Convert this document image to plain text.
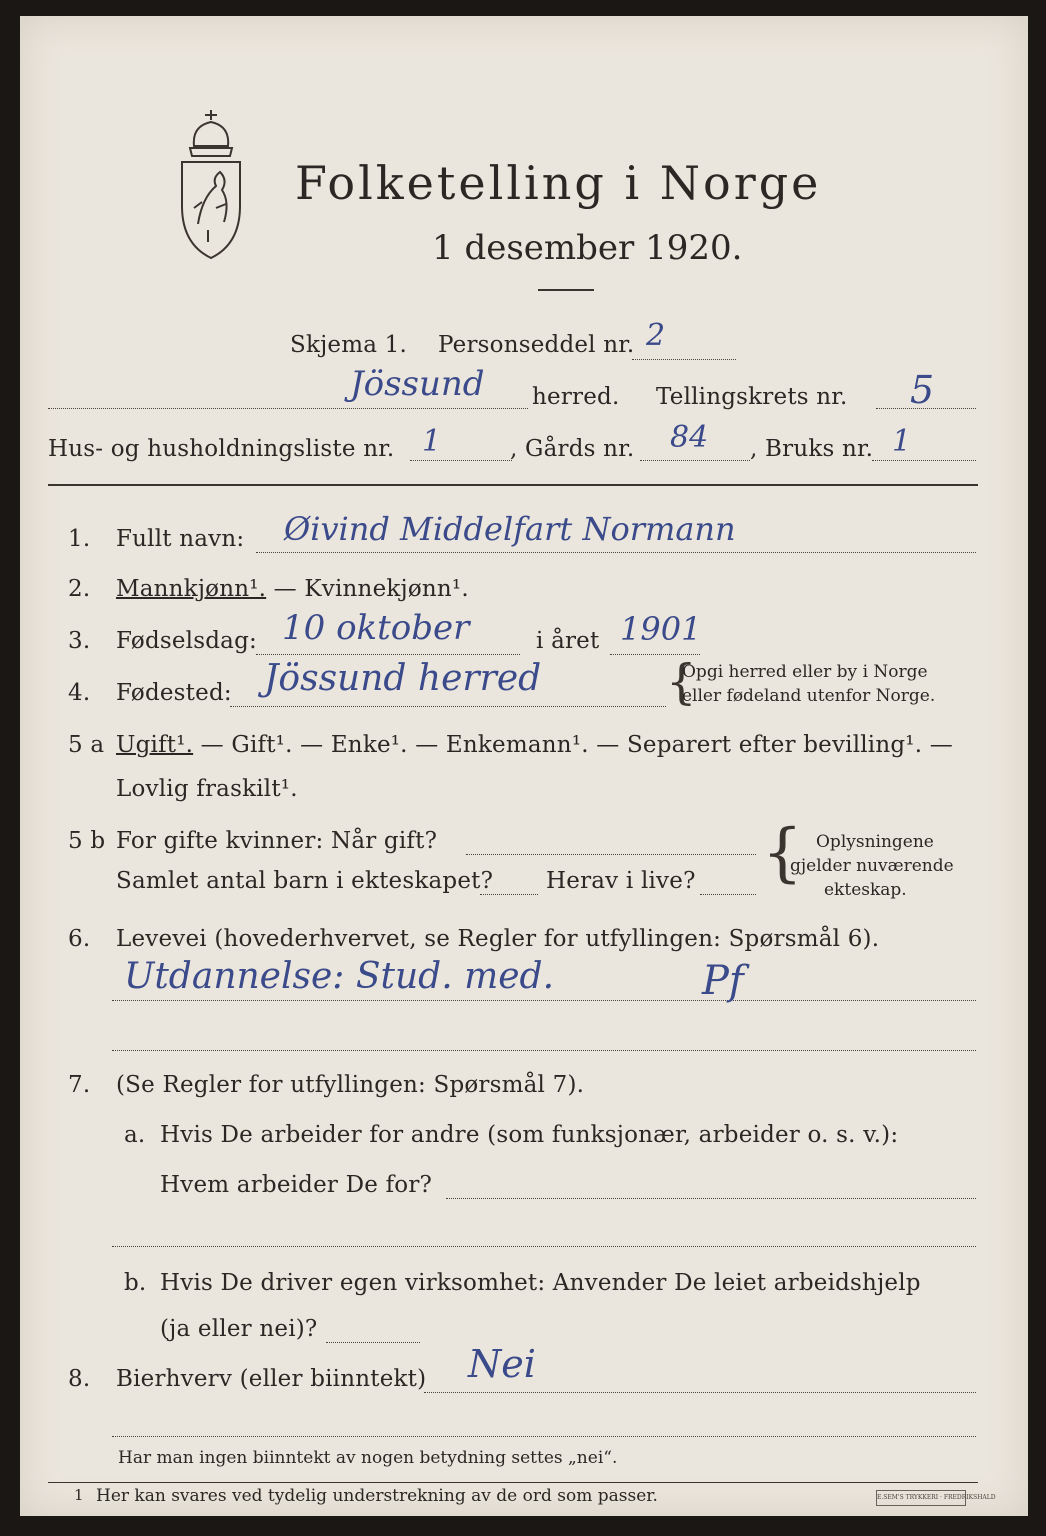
Folketelling i Norge
1 desember 1920.
Skjema 1. Personseddel nr. 2
Jössund herred. Tellingskrets nr. 5
Hus- og husholdningsliste nr. 1	, Gårds nr. 84 , Bruks nr. 1
1. Fullt navn: Øivind Middelfart Normann
2. Mannkjønn¹. — Kvinnekjønn¹.
3. Fødselsdag: 10 oktober	i året 1901
4. Fødested: Jössund herred	{
Opgi herred eller by i Norge
eller fødeland utenfor Norge.
5 a Ugift¹. — Gift¹. — Enke¹. — Enkemann¹. — Separert efter bevilling¹. —
Lovlig fraskilt¹.
5 b For gifte kvinner: Når gift?
Samlet antal barn i ekteskapet? Herav i live? { Oplysningene
gjelder nuværende
ekteskap.
6. Levevei (hovederhvervet, se Regler for utfyllingen: Spørsmål 6).
Utdannelse: Stud. med.	Pf
7. (Se Regler for utfyllingen: Spørsmål 7).
a. Hvis De arbeider for andre (som funksjonær, arbeider o. s. v.):
Hvem arbeider De for?
b. Hvis De driver egen virksomhet: Anvender De leiet arbeidshjelp
(ja eller nei)?
8. Bierhverv (eller biinntekt) Nei
Har man ingen biinntekt av nogen betydning settes „nei“.
1 Her kan svares ved tydelig understrekning av de ord som passer.	E.SEM'S TRYKKERI · FREDRIKSHALD
